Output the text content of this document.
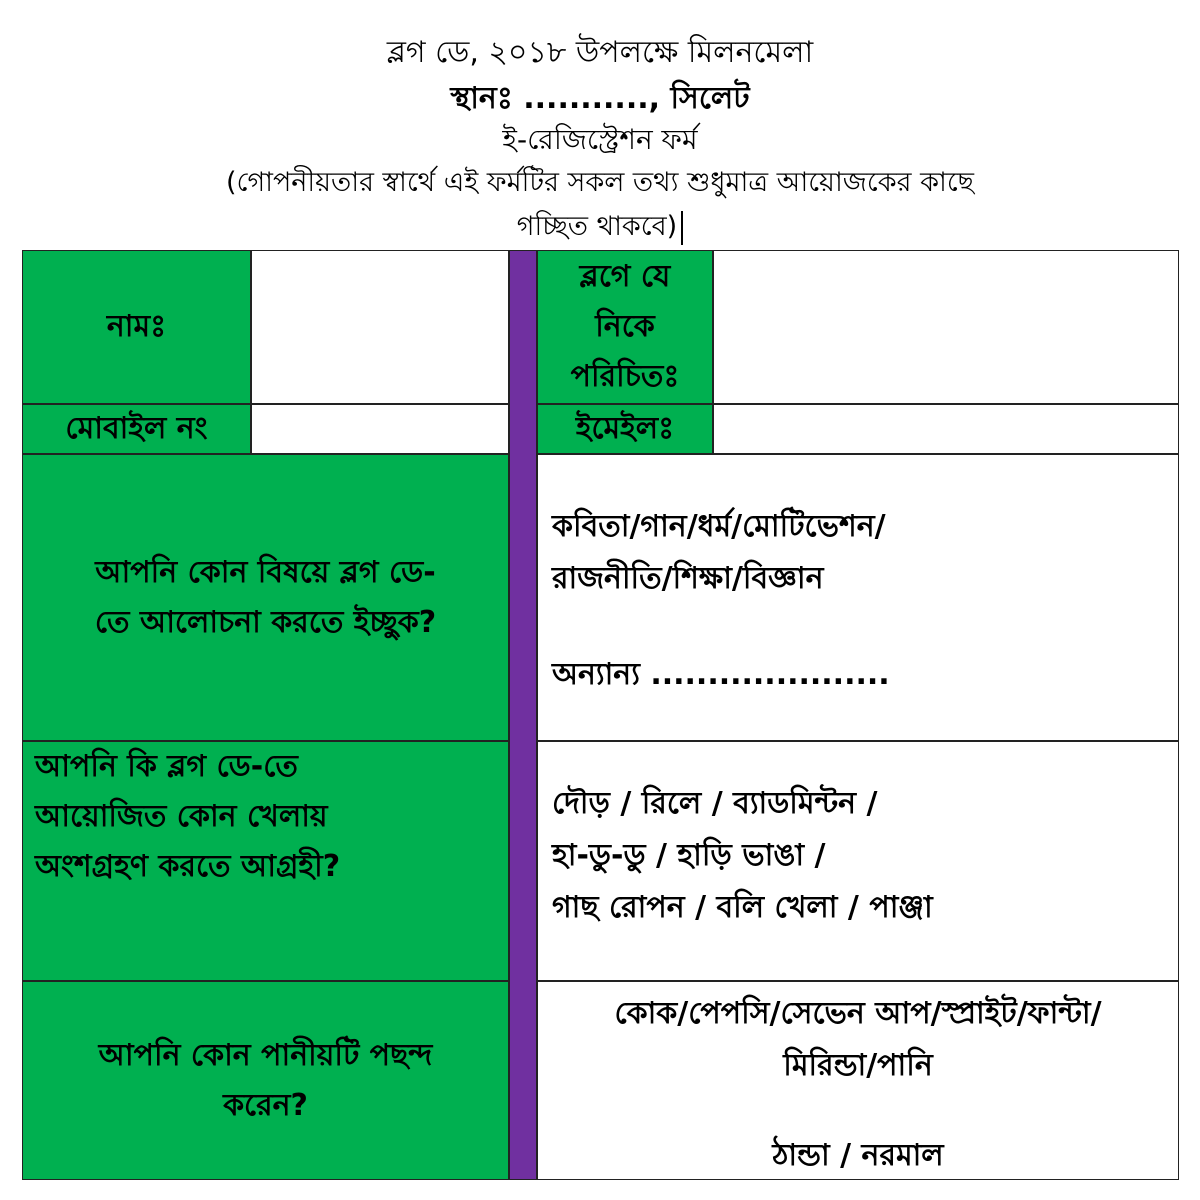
ব্লগ ডে, ২০১৮ উপলক্ষে মিলনমেলা
স্থানঃ ..........., সিলেট
ই-রেজিস্ট্রেশন ফর্ম
(গোপনীয়তার স্বার্থে এই ফর্মটির সকল তথ্য শুধুমাত্র আয়োজকের কাছে
গচ্ছিত থাকবে)
নামঃ
ব্লগে যে
নিকে
পরিচিতঃ
মোবাইল নং	ইমেইলঃ
আপনি কোন বিষয়ে ব্লগ ডে-
তে আলোচনা করতে ইচ্ছুক?
কবিতা/গান/ধর্ম/মোটিভেশন/
রাজনীতি/শিক্ষা/বিজ্ঞান
অন্যান্য .....................
আপনি কি ব্লগ ডে-তে
আয়োজিত কোন খেলায়
অংশগ্রহণ করতে আগ্রহী?
দৌড় / রিলে / ব্যাডমিন্টন /
হা-ডু-ডু / হাড়ি ভাঙা /
গাছ রোপন / বলি খেলা / পাঞ্জা
আপনি কোন পানীয়টি পছন্দ
করেন?
কোক/পেপসি/সেভেন আপ/স্প্রাইট/ফান্টা/
মিরিন্ডা/পানি
ঠান্ডা / নরমাল
